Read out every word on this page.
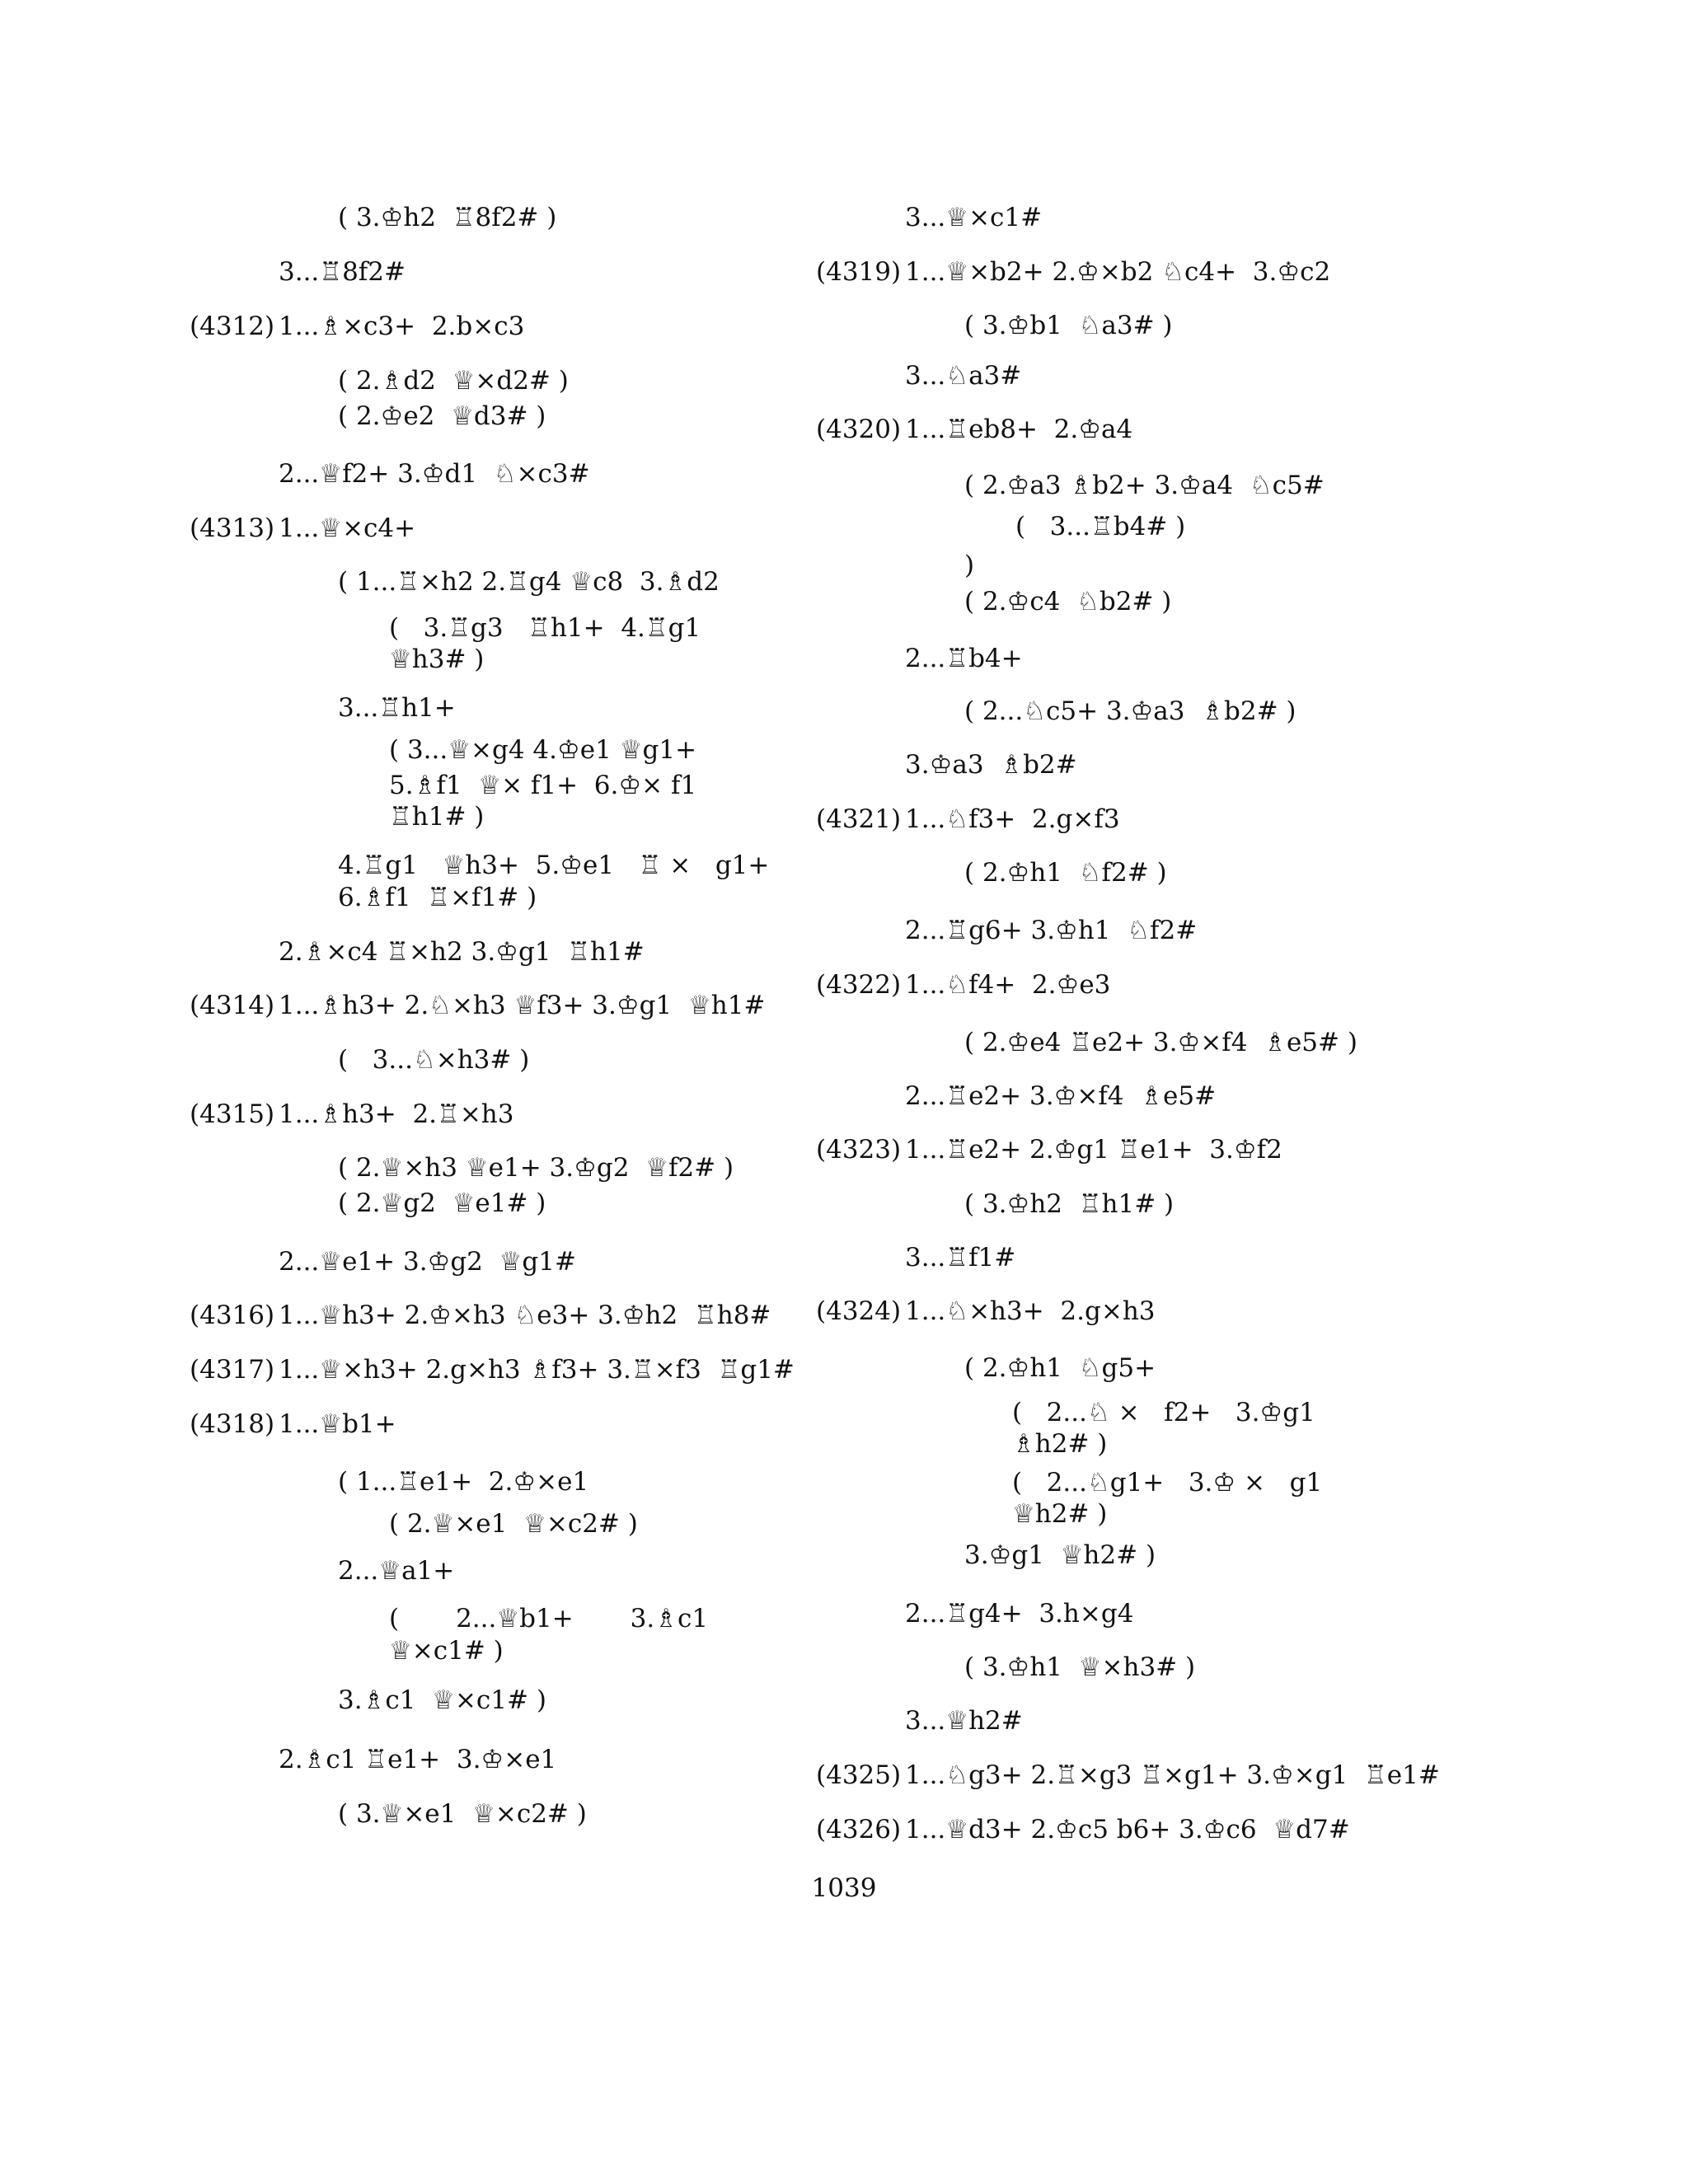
( 3.♔h2  ♖8f2# )
3...♖8f2#
(4312) 1...♗×c3+  2.b×c3
( 2.♗d2  ♕×d2# )
( 2.♔e2  ♕d3# )
2...♕f2+ 3.♔d1  ♘×c3#
(4313) 1...♕×c4+
( 1...♖×h2 2.♖g4 ♕c8  3.♗d2
(   3.♖g3   ♖h1+  4.♖g1
♕h3# )
3...♖h1+
( 3...♕×g4 4.♔e1 ♕g1+
5.♗f1  ♕× f1+  6.♔× f1
♖h1# )
4.♖g1   ♕h3+  5.♔e1   ♖ ×   g1+
6.♗f1  ♖×f1# )
2.♗×c4 ♖×h2 3.♔g1  ♖h1#
(4314) 1...♗h3+ 2.♘×h3 ♕f3+ 3.♔g1  ♕h1#
(   3...♘×h3# )
(4315) 1...♗h3+  2.♖×h3
( 2.♕×h3 ♕e1+ 3.♔g2  ♕f2# )
( 2.♕g2  ♕e1# )
2...♕e1+ 3.♔g2  ♕g1#
(4316) 1...♕h3+ 2.♔×h3 ♘e3+ 3.♔h2  ♖h8#
(4317) 1...♕×h3+ 2.g×h3 ♗f3+ 3.♖×f3  ♖g1#
(4318) 1...♕b1+
( 1...♖e1+  2.♔×e1
( 2.♕×e1  ♕×c2# )
2...♕a1+
(       2...♕b1+       3.♗c1
♕×c1# )
3.♗c1  ♕×c1# )
2.♗c1 ♖e1+  3.♔×e1
( 3.♕×e1  ♕×c2# )
3...♕×c1#
(4319) 1...♕×b2+ 2.♔×b2 ♘c4+  3.♔c2
( 3.♔b1  ♘a3# )
3...♘a3#
(4320) 1...♖eb8+  2.♔a4
( 2.♔a3 ♗b2+ 3.♔a4  ♘c5#
(   3...♖b4# )
)
( 2.♔c4  ♘b2# )
2...♖b4+
( 2...♘c5+ 3.♔a3  ♗b2# )
3.♔a3  ♗b2#
(4321) 1...♘f3+  2.g×f3
( 2.♔h1  ♘f2# )
2...♖g6+ 3.♔h1  ♘f2#
(4322) 1...♘f4+  2.♔e3
( 2.♔e4 ♖e2+ 3.♔×f4  ♗e5# )
2...♖e2+ 3.♔×f4  ♗e5#
(4323) 1...♖e2+ 2.♔g1 ♖e1+  3.♔f2
( 3.♔h2  ♖h1# )
3...♖f1#
(4324) 1...♘×h3+  2.g×h3
( 2.♔h1  ♘g5+
(   2...♘ ×   f2+   3.♔g1
♗h2# )
(   2...♘g1+   3.♔ ×   g1
♕h2# )
3.♔g1  ♕h2# )
2...♖g4+  3.h×g4
( 3.♔h1  ♕×h3# )
3...♕h2#
(4325) 1...♘g3+ 2.♖×g3 ♖×g1+ 3.♔×g1  ♖e1#
(4326) 1...♕d3+ 2.♔c5 b6+ 3.♔c6  ♕d7#
1039
